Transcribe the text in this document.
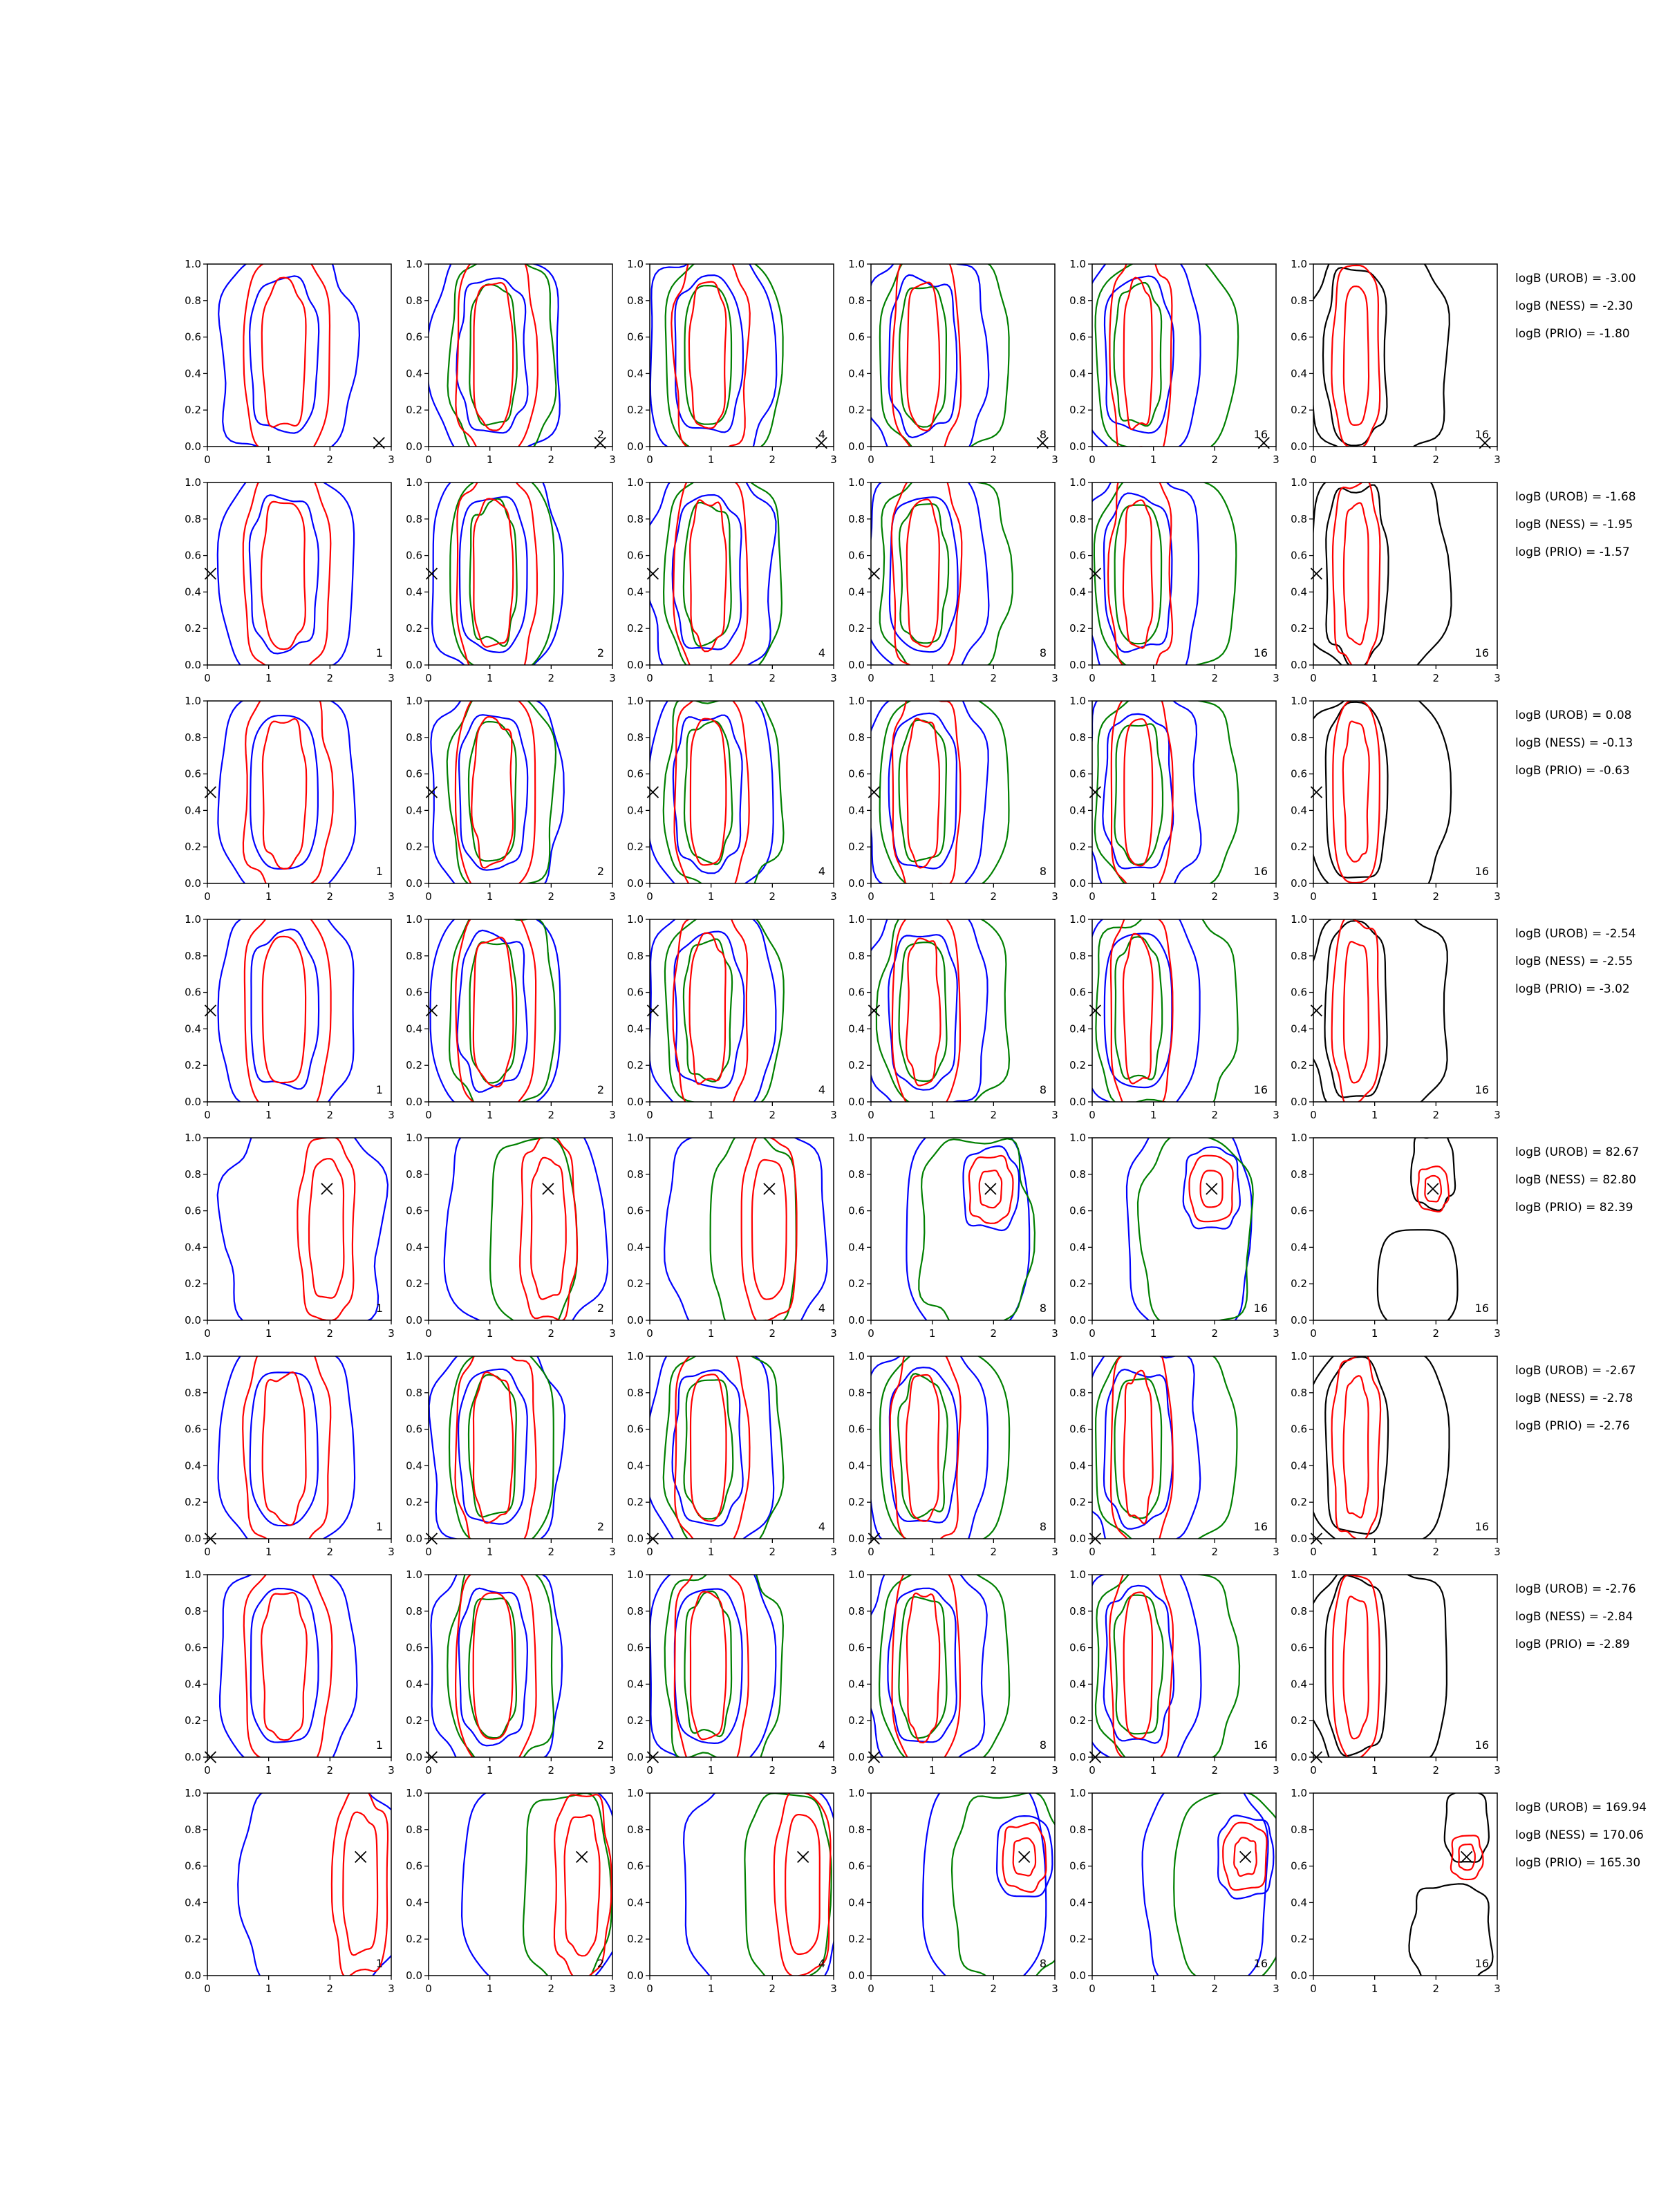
0	1	2	3
0.0
0.2
0.4
0.6
0.8
1.0
0	1	2	3
0.0
0.2
0.4
0.6
0.8
1.0
2
0	1	2	3
0.0
0.2
0.4
0.6
0.8
1.0
4
0	1	2	3
0.0
0.2
0.4
0.6
0.8
1.0
8
0	1	2	3
0.0
0.2
0.4
0.6
0.8
1.0
16
0	1	2	3
0.0
0.2
0.4
0.6
0.8
1.0
16
logB (UROB) = -3.00
logB (NESS) = -2.30
logB (PRIO) = -1.80
0	1	2	3
0.0
0.2
0.4
0.6
0.8
1.0
1
0	1	2	3
0.0
0.2
0.4
0.6
0.8
1.0
2
0	1	2	3
0.0
0.2
0.4
0.6
0.8
1.0
4
0	1	2	3
0.0
0.2
0.4
0.6
0.8
1.0
8
0	1	2	3
0.0
0.2
0.4
0.6
0.8
1.0
16
0	1	2	3
0.0
0.2
0.4
0.6
0.8
1.0
16
logB (UROB) = -1.68
logB (NESS) = -1.95
logB (PRIO) = -1.57
0	1	2	3
0.0
0.2
0.4
0.6
0.8
1.0
1
0	1	2	3
0.0
0.2
0.4
0.6
0.8
1.0
2
0	1	2	3
0.0
0.2
0.4
0.6
0.8
1.0
4
0	1	2	3
0.0
0.2
0.4
0.6
0.8
1.0
8
0	1	2	3
0.0
0.2
0.4
0.6
0.8
1.0
16
0	1	2	3
0.0
0.2
0.4
0.6
0.8
1.0
16
logB (UROB) = 0.08
logB (NESS) = -0.13
logB (PRIO) = -0.63
0	1	2	3
0.0
0.2
0.4
0.6
0.8
1.0
1
0	1	2	3
0.0
0.2
0.4
0.6
0.8
1.0
2
0	1	2	3
0.0
0.2
0.4
0.6
0.8
1.0
4
0	1	2	3
0.0
0.2
0.4
0.6
0.8
1.0
8
0	1	2	3
0.0
0.2
0.4
0.6
0.8
1.0
16
0	1	2	3
0.0
0.2
0.4
0.6
0.8
1.0
16
logB (UROB) = -2.54
logB (NESS) = -2.55
logB (PRIO) = -3.02
0	1	2	3
0.0
0.2
0.4
0.6
0.8
1.0
1
0	1	2	3
0.0
0.2
0.4
0.6
0.8
1.0
2
0	1	2	3
0.0
0.2
0.4
0.6
0.8
1.0
4
0	1	2	3
0.0
0.2
0.4
0.6
0.8
1.0
8
0	1	2	3
0.0
0.2
0.4
0.6
0.8
1.0
16
0	1	2	3
0.0
0.2
0.4
0.6
0.8
1.0
16
logB (UROB) = 82.67
logB (NESS) = 82.80
logB (PRIO) = 82.39
0	1	2	3
0.0
0.2
0.4
0.6
0.8
1.0
1
0	1	2	3
0.0
0.2
0.4
0.6
0.8
1.0
2
0	1	2	3
0.0
0.2
0.4
0.6
0.8
1.0
4
0	1	2	3
0.0
0.2
0.4
0.6
0.8
1.0
8
0	1	2	3
0.0
0.2
0.4
0.6
0.8
1.0
16
0	1	2	3
0.0
0.2
0.4
0.6
0.8
1.0
16
logB (UROB) = -2.67
logB (NESS) = -2.78
logB (PRIO) = -2.76
0	1	2	3
0.0
0.2
0.4
0.6
0.8
1.0
1
0	1	2	3
0.0
0.2
0.4
0.6
0.8
1.0
2
0	1	2	3
0.0
0.2
0.4
0.6
0.8
1.0
4
0	1	2	3
0.0
0.2
0.4
0.6
0.8
1.0
8
0	1	2	3
0.0
0.2
0.4
0.6
0.8
1.0
16
0	1	2	3
0.0
0.2
0.4
0.6
0.8
1.0
16
logB (UROB) = -2.76
logB (NESS) = -2.84
logB (PRIO) = -2.89
0	1	2	3
0.0
0.2
0.4
0.6
0.8
1.0
1
0	1	2	3
0.0
0.2
0.4
0.6
0.8
1.0
2
0	1	2	3
0.0
0.2
0.4
0.6
0.8
1.0
4
0	1	2	3
0.0
0.2
0.4
0.6
0.8
1.0
8
0	1	2	3
0.0
0.2
0.4
0.6
0.8
1.0
16
0	1	2	3
0.0
0.2
0.4
0.6
0.8
1.0
16
logB (UROB) = 169.94
logB (NESS) = 170.06
logB (PRIO) = 165.30
